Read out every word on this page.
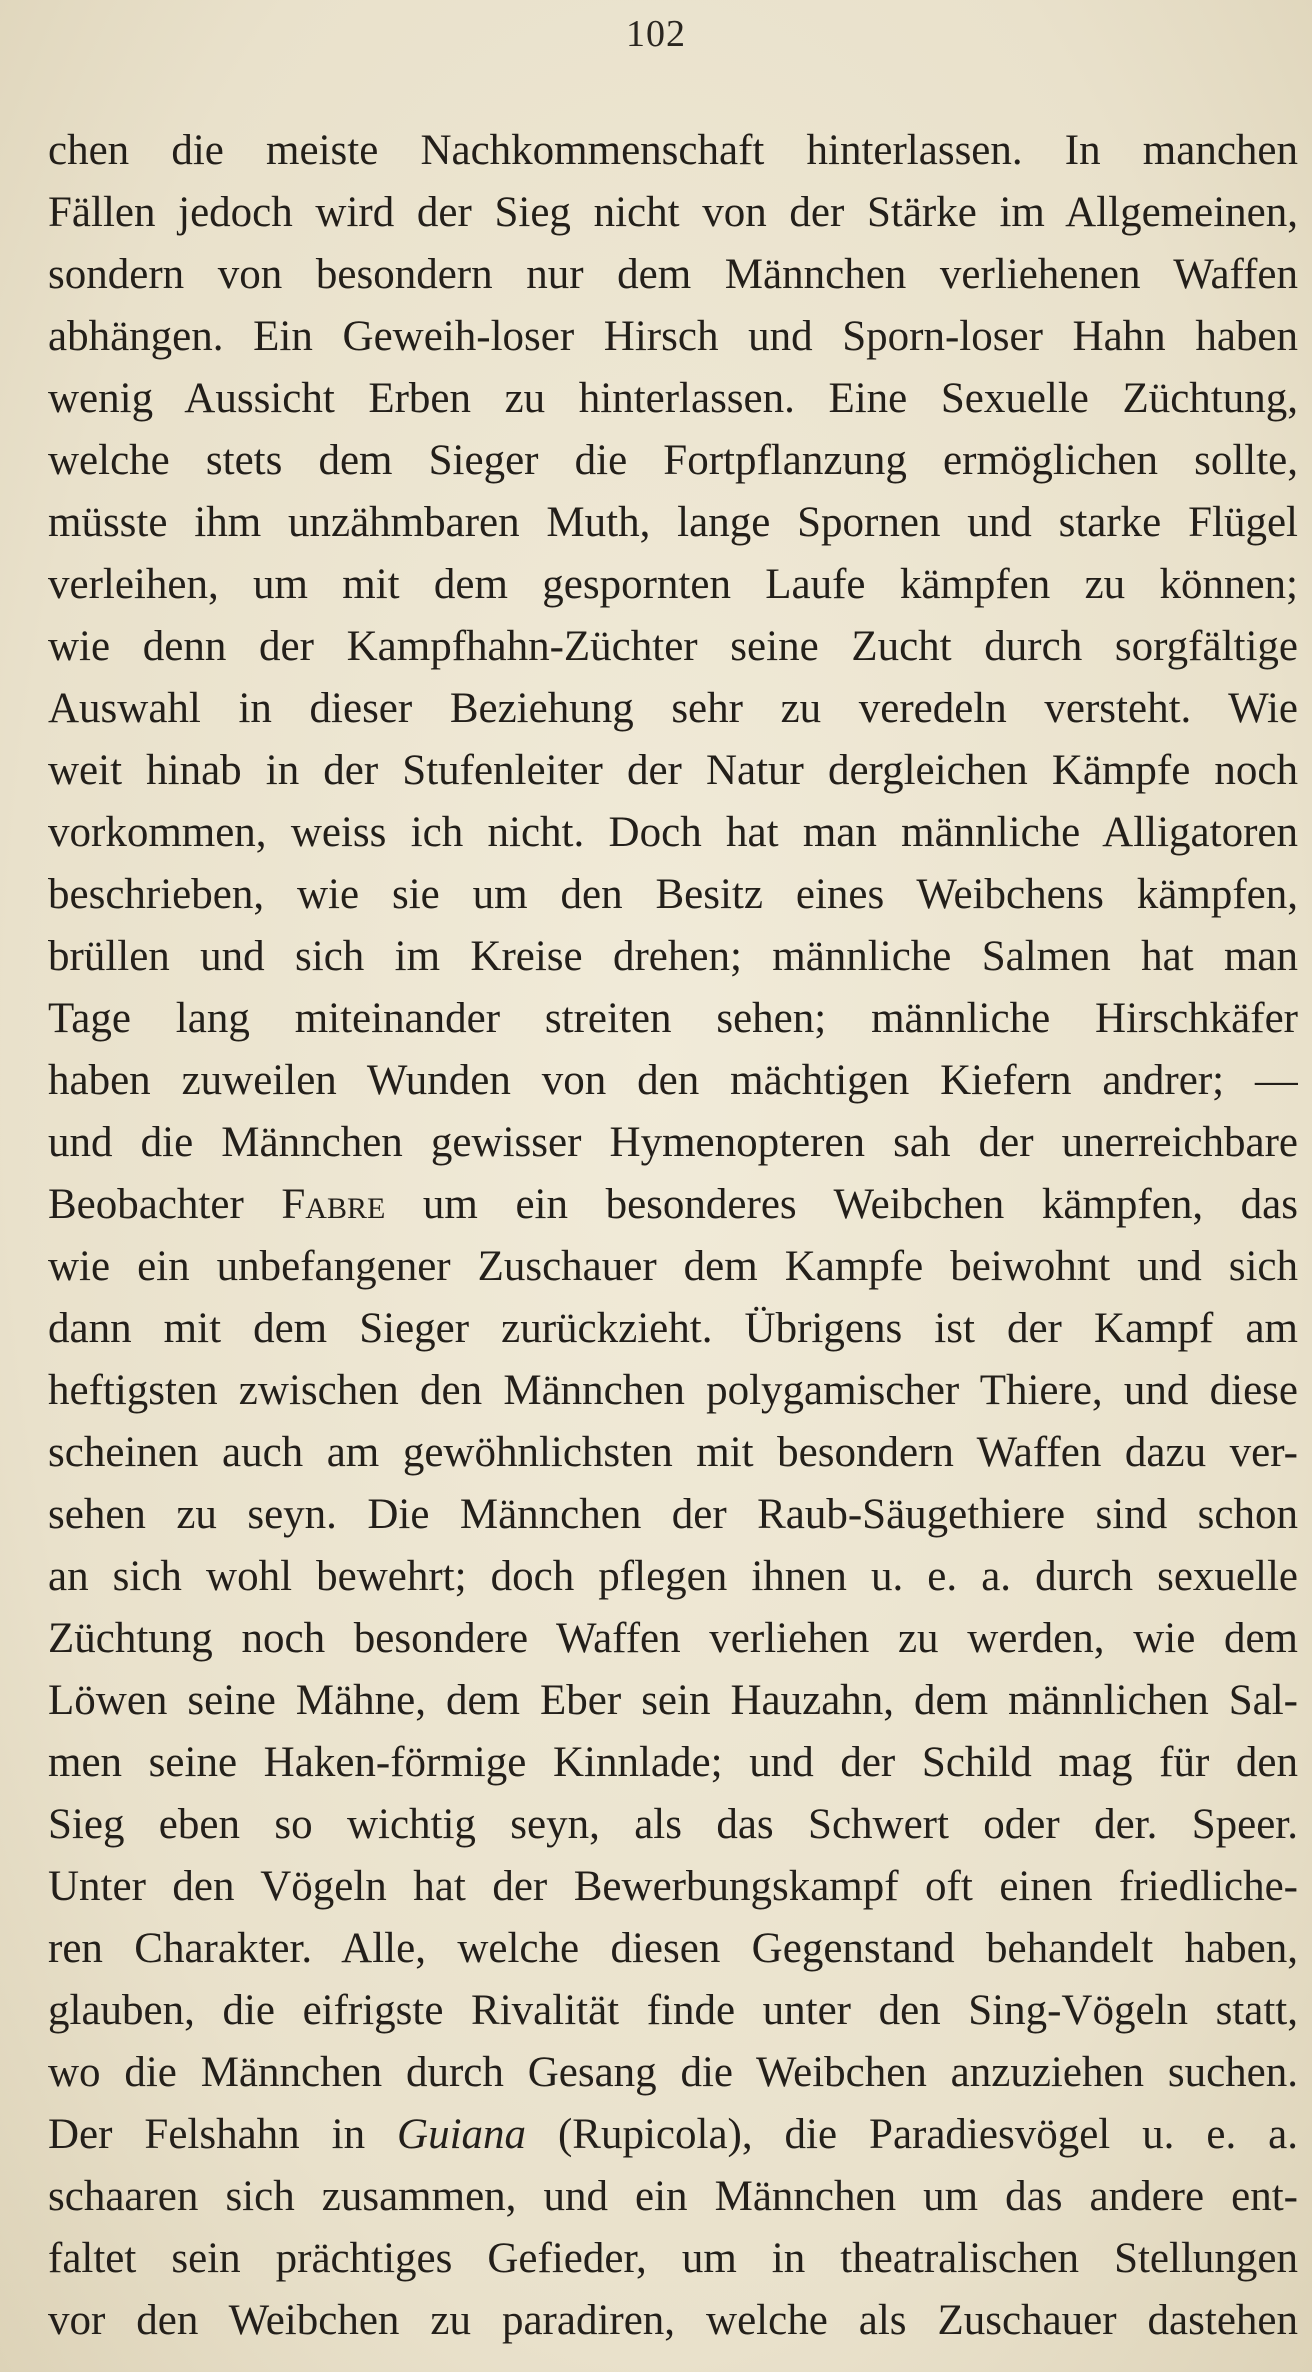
102
chen die meiste Nachkommenschaft hinterlassen. In manchen
Fällen jedoch wird der Sieg nicht von der Stärke im Allgemeinen,
sondern von besondern nur dem Männchen verliehenen Waffen
abhängen. Ein Geweih-loser Hirsch und Sporn-loser Hahn haben
wenig Aussicht Erben zu hinterlassen. Eine Sexuelle Züchtung,
welche stets dem Sieger die Fortpflanzung ermöglichen sollte,
müsste ihm unzähmbaren Muth, lange Spornen und starke Flügel
verleihen, um mit dem gespornten Laufe kämpfen zu können;
wie denn der Kampfhahn-Züchter seine Zucht durch sorgfältige
Auswahl in dieser Beziehung sehr zu veredeln versteht. Wie
weit hinab in der Stufenleiter der Natur dergleichen Kämpfe noch
vorkommen, weiss ich nicht. Doch hat man männliche Alligatoren
beschrieben, wie sie um den Besitz eines Weibchens kämpfen,
brüllen und sich im Kreise drehen; männliche Salmen hat man
Tage lang miteinander streiten sehen; männliche Hirschkäfer
haben zuweilen Wunden von den mächtigen Kiefern andrer; —
und die Männchen gewisser Hymenopteren sah der unerreichbare
Beobachter Fabre um ein besonderes Weibchen kämpfen, das
wie ein unbefangener Zuschauer dem Kampfe beiwohnt und sich
dann mit dem Sieger zurückzieht. Übrigens ist der Kampf am
heftigsten zwischen den Männchen polygamischer Thiere, und diese
scheinen auch am gewöhnlichsten mit besondern Waffen dazu ver-
sehen zu seyn. Die Männchen der Raub-Säugethiere sind schon
an sich wohl bewehrt; doch pflegen ihnen u. e. a. durch sexuelle
Züchtung noch besondere Waffen verliehen zu werden, wie dem
Löwen seine Mähne, dem Eber sein Hauzahn, dem männlichen Sal-
men seine Haken-förmige Kinnlade; und der Schild mag für den
Sieg eben so wichtig seyn, als das Schwert oder der. Speer.
Unter den Vögeln hat der Bewerbungskampf oft einen friedliche-
ren Charakter. Alle, welche diesen Gegenstand behandelt haben,
glauben, die eifrigste Rivalität finde unter den Sing-Vögeln statt,
wo die Männchen durch Gesang die Weibchen anzuziehen suchen.
Der Felshahn in Guiana (Rupicola), die Paradiesvögel u. e. a.
schaaren sich zusammen, und ein Männchen um das andere ent-
faltet sein prächtiges Gefieder, um in theatralischen Stellungen
vor den Weibchen zu paradiren, welche als Zuschauer dastehen
